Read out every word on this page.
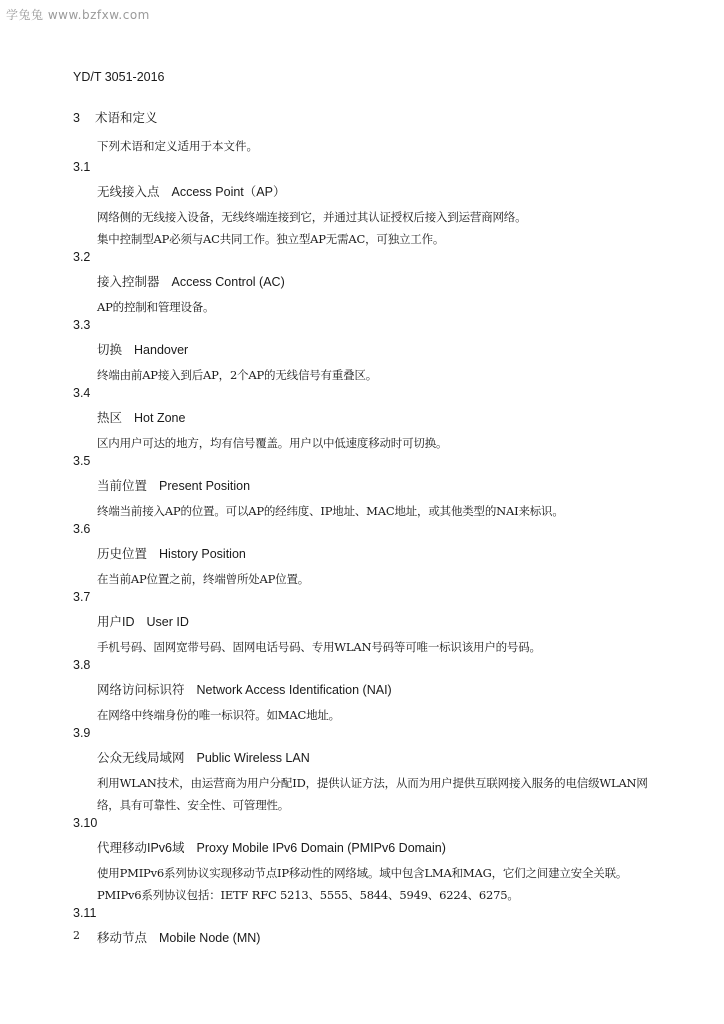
学兔兔 www.bzfxw.com
YD/T 3051-2016
3 术语和定义
下列术语和定义适用于本文件。
3.1
无线接入点 Access Point（AP）

网络侧的无线接入设备，无线终端连接到它，并通过其认证授权后接入到运营商网络。

集中控制型AP必须与AC共同工作。独立型AP无需AC，可独立工作。

3.2
接入控制器 Access Control (AC)

AP的控制和管理设备。

3.3
切换 Handover

终端由前AP接入到后AP，2个AP的无线信号有重叠区。

3.4
热区 Hot Zone

区内用户可达的地方，均有信号覆盖。用户以中低速度移动时可切换。

3.5
当前位置 Present Position

终端当前接入AP的位置。可以AP的经纬度、IP地址、MAC地址，或其他类型的NAI来标识。

3.6
历史位置 History Position

在当前AP位置之前，终端曾所处AP位置。

3.7
用户ID User ID

手机号码、固网宽带号码、固网电话号码、专用WLAN号码等可唯一标识该用户的号码。

3.8
网络访问标识符 Network Access Identification (NAI)

在网络中终端身份的唯一标识符。如MAC地址。

3.9
公众无线局域网 Public Wireless LAN

利用WLAN技术，由运营商为用户分配ID，提供认证方法，从而为用户提供互联网接入服务的电信级WLAN网络，具有可靠性、安全性、可管理性。

3.10
代理移动IPv6域 Proxy Mobile IPv6 Domain (PMIPv6 Domain)

使用PMIPv6系列协议实现移动节点IP移动性的网络域。域中包含LMA和MAG，它们之间建立安全关联。PMIPv6系列协议包括：IETF RFC 5213、5555、5844、5949、6224、6275。

3.11
移动节点 Mobile Node (MN)
2
